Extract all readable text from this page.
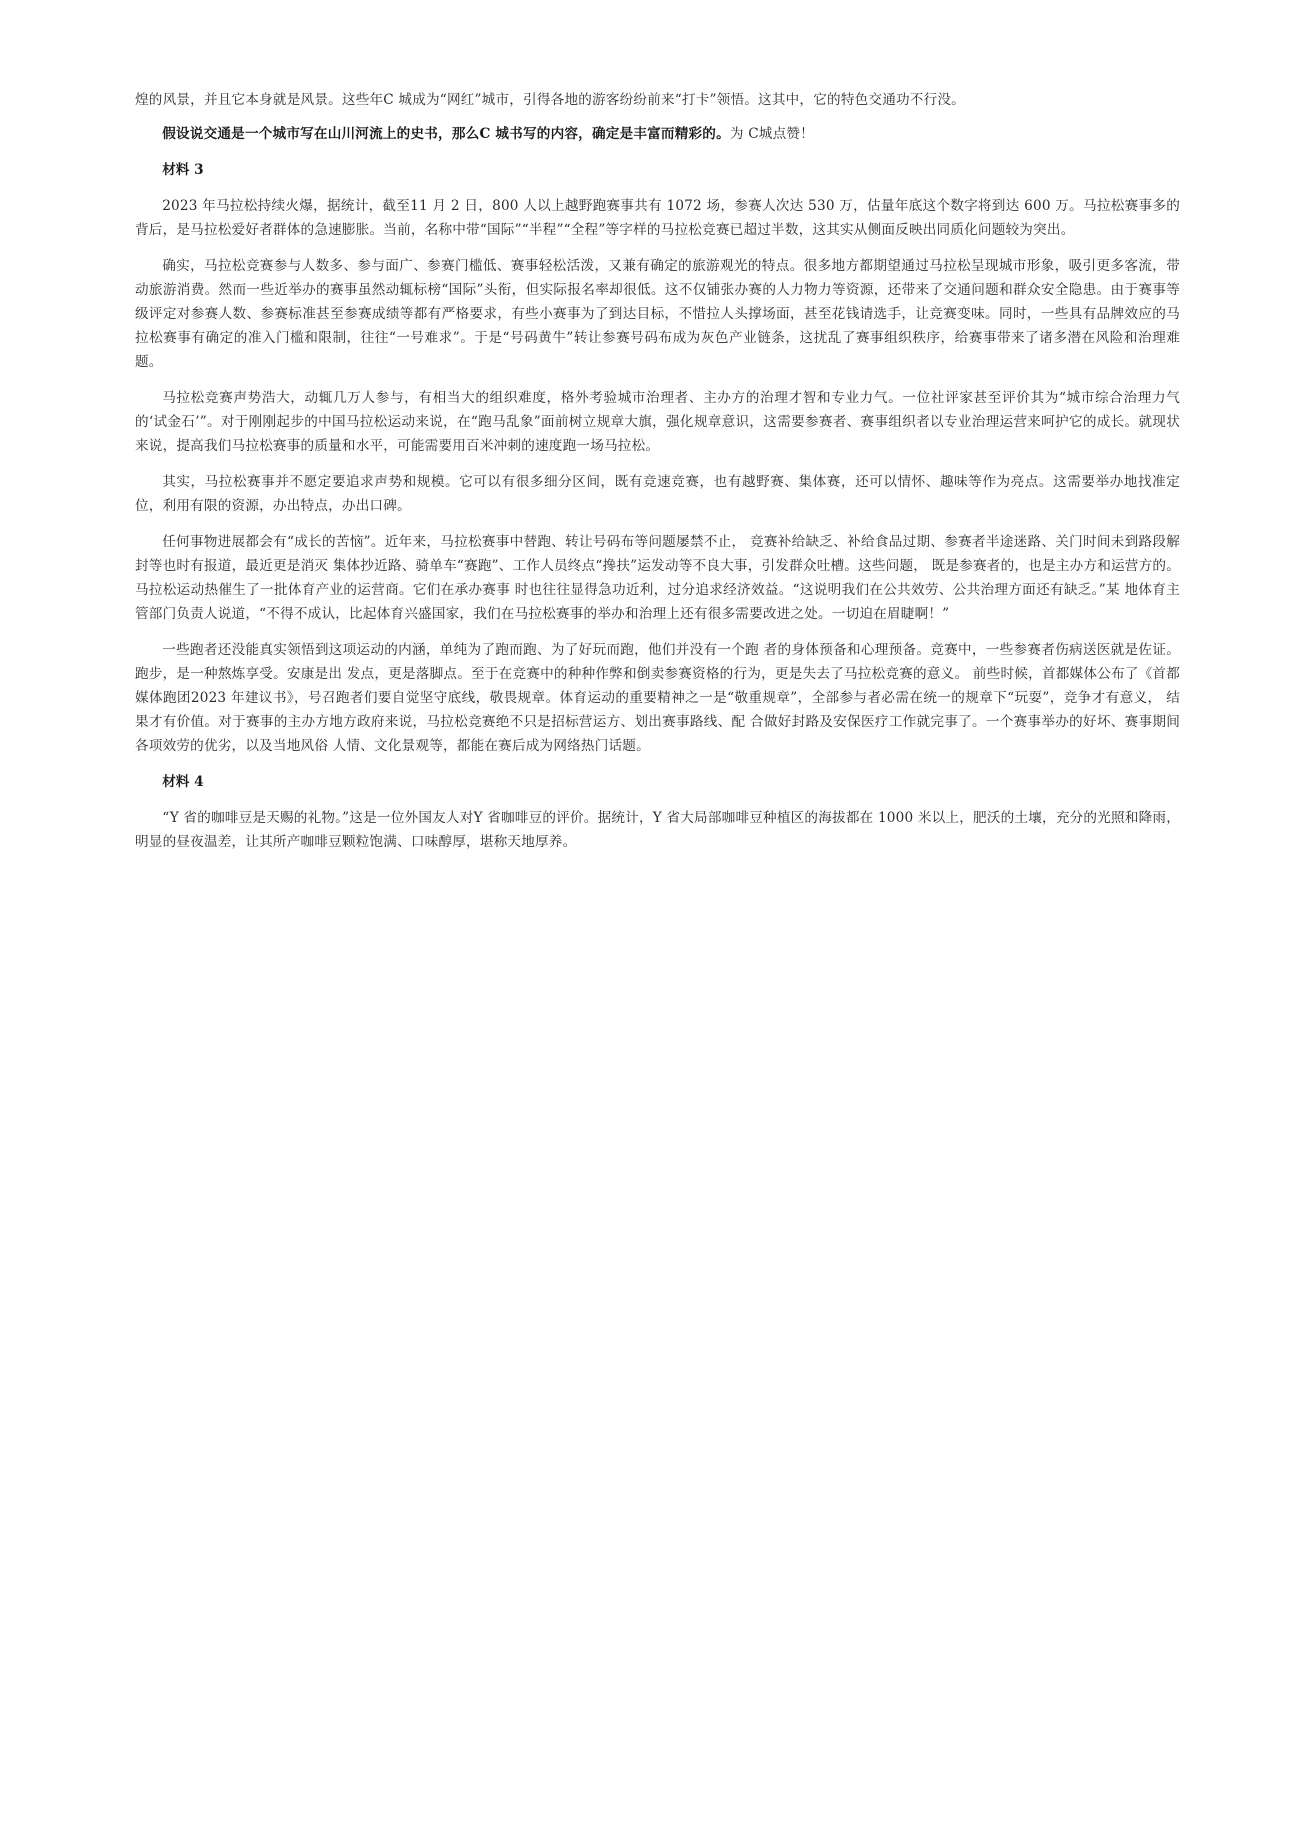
煌的风景，并且它本身就是风景。这些年C 城成为“网红”城市，引得各地的游客纷纷前来“打卡”领悟。这其中，它的特色交通功不行没。

假设说交通是一个城市写在山川河流上的史书，那么C 城书写的内容，确定是丰富而精彩的。为 C城点赞！

材料 3

2023 年马拉松持续火爆，据统计，截至11 月 2 日，800 人以上越野跑赛事共有 1072 场，参赛人次达 530 万，估量年底这个数字将到达 600 万。马拉松赛事多的背后，是马拉松爱好者群体的急速膨胀。当前，名称中带“国际”“半程”“全程”等字样的马拉松竞赛已超过半数，这其实从侧面反映出同质化问题较为突出。

确实，马拉松竞赛参与人数多、参与面广、参赛门槛低、赛事轻松活泼，又兼有确定的旅游观光的特点。很多地方都期望通过马拉松呈现城市形象，吸引更多客流，带动旅游消费。然而一些近举办的赛事虽然动辄标榜“国际”头衔，但实际报名率却很低。这不仅铺张办赛的人力物力等资源，还带来了交通问题和群众安全隐患。由于赛事等级评定对参赛人数、参赛标准甚至参赛成绩等都有严格要求，有些小赛事为了到达目标，不惜拉人头撑场面，甚至花钱请选手，让竞赛变味。同时，一些具有品牌效应的马拉松赛事有确定的准入门槛和限制，往往“一号难求”。于是“号码黄牛”转让参赛号码布成为灰色产业链条，这扰乱了赛事组织秩序，给赛事带来了诸多潜在风险和治理难题。

马拉松竞赛声势浩大，动辄几万人参与，有相当大的组织难度，格外考验城市治理者、主办方的治理才智和专业力气。一位社评家甚至评价其为“城市综合治理力气的‘试金石’”。对于刚刚起步的中国马拉松运动来说，在“跑马乱象”面前树立规章大旗，强化规章意识，这需要参赛者、赛事组织者以专业治理运营来呵护它的成长。就现状来说，提高我们马拉松赛事的质量和水平，可能需要用百米冲刺的速度跑一场马拉松。

其实，马拉松赛事并不愿定要追求声势和规模。它可以有很多细分区间，既有竞速竞赛，也有越野赛、集体赛，还可以情怀、趣味等作为亮点。这需要举办地找准定位，利用有限的资源，办出特点，办出口碑。

任何事物进展都会有“成长的苦恼”。近年来，马拉松赛事中替跑、转让号码布等问题屡禁不止， 竞赛补给缺乏、补给食品过期、参赛者半途迷路、关门时间未到路段解封等也时有报道，最近更是消灭 集体抄近路、骑单车“赛跑”、工作人员终点“搀扶”运发动等不良大事，引发群众吐槽。这些问题， 既是参赛者的，也是主办方和运营方的。马拉松运动热催生了一批体育产业的运营商。它们在承办赛事 时也往往显得急功近利，过分追求经济效益。“这说明我们在公共效劳、公共治理方面还有缺乏。”某 地体育主管部门负责人说道，“不得不成认，比起体育兴盛国家，我们在马拉松赛事的举办和治理上还有很多需要改进之处。一切迫在眉睫啊！”

一些跑者还没能真实领悟到这项运动的内涵，单纯为了跑而跑、为了好玩而跑，他们并没有一个跑 者的身体预备和心理预备。竞赛中，一些参赛者伤病送医就是佐证。跑步，是一种熬炼享受。安康是出 发点，更是落脚点。至于在竞赛中的种种作弊和倒卖参赛资格的行为，更是失去了马拉松竞赛的意义。 前些时候，首都媒体公布了《首都媒体跑团2023 年建议书》，号召跑者们要自觉坚守底线，敬畏规章。体育运动的重要精神之一是“敬重规章”，全部参与者必需在统一的规章下“玩耍”，竞争才有意义， 结果才有价值。对于赛事的主办方地方政府来说，马拉松竞赛绝不只是招标营运方、划出赛事路线、配 合做好封路及安保医疗工作就完事了。一个赛事举办的好坏、赛事期间各项效劳的优劣，以及当地风俗 人情、文化景观等，都能在赛后成为网络热门话题。

材料 4

“Y 省的咖啡豆是天赐的礼物。”这是一位外国友人对Y 省咖啡豆的评价。据统计，Y 省大局部咖啡豆种植区的海拔都在 1000 米以上，肥沃的土壤，充分的光照和降雨，明显的昼夜温差，让其所产咖啡豆颗粒饱满、口味醇厚，堪称天地厚养。
